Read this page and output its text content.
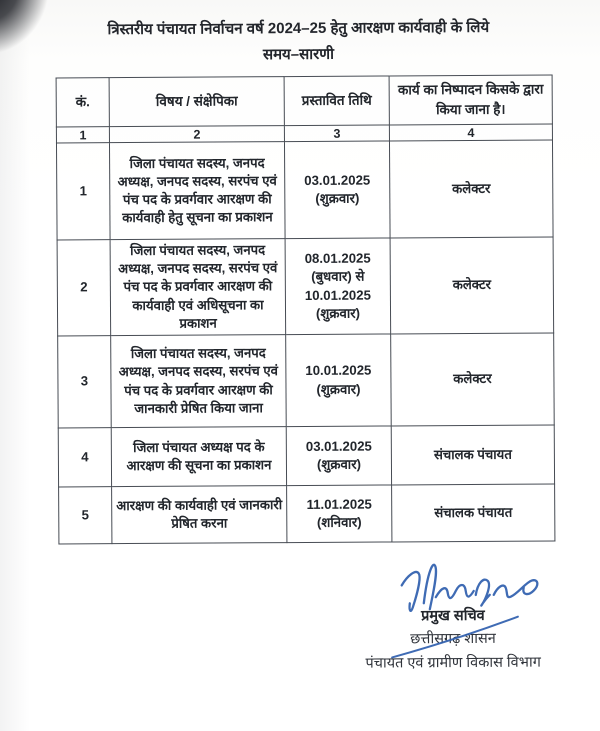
त्रिस्तरीय पंचायत निर्वाचन वर्ष 2024–25 हेतु आरक्षण कार्यवाही के लिये
समय–सारणी
कं.	विषय / संक्षेपिका	प्रस्तावित तिथि	कार्य का निष्पादन किसके द्वारा किया जाना है।
1	2	3	4
1	जिला पंचायत सदस्य, जनपद अध्यक्ष, जनपद सदस्य, सरपंच एवं पंच पद के प्रवर्गवार आरक्षण की कार्यवाही हेतु सूचना का प्रकाशन	03.01.2025 (शुक्रवार)	कलेक्टर
2	जिला पंचायत सदस्य, जनपद अध्यक्ष, जनपद सदस्य, सरपंच एवं पंच पद के प्रवर्गवार आरक्षण की कार्यवाही एवं अधिसूचना का प्रकाशन	08.01.2025 (बुधवार) से 10.01.2025 (शुक्रवार)	कलेक्टर
3	जिला पंचायत सदस्य, जनपद अध्यक्ष, जनपद सदस्य, सरपंच एवं पंच पद के प्रवर्गवार आरक्षण की जानकारी प्रेषित किया जाना	10.01.2025 (शुक्रवार)	कलेक्टर
4	जिला पंचायत अध्यक्ष पद के आरक्षण की सूचना का प्रकाशन	03.01.2025 (शुक्रवार)	संचालक पंचायत
5	आरक्षण की कार्यवाही एवं जानकारी प्रेषित करना	11.01.2025 (शनिवार)	संचालक पंचायत
प्रमुख सचिव
छत्तीसगढ़ शासन
पंचायत एवं ग्रामीण विकास विभाग
